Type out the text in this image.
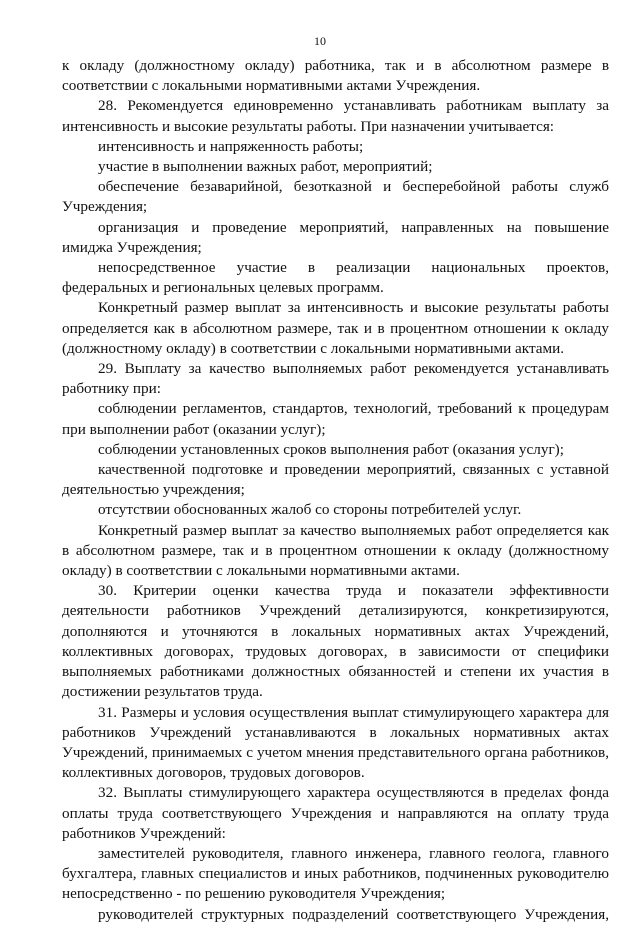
10

к окладу (должностному окладу) работника, так и в абсолютном размере в соответствии с локальными нормативными актами Учреждения.

28. Рекомендуется единовременно устанавливать работникам выплату за интенсивность и высокие результаты работы. При назначении учитывается:

интенсивность и напряженность работы;

участие в выполнении важных работ, мероприятий;

обеспечение безаварийной, безотказной и бесперебойной работы служб Учреждения;

организация и проведение мероприятий, направленных на повышение имиджа Учреждения;

непосредственное участие в реализации национальных проектов, федеральных и региональных целевых программ.

Конкретный размер выплат за интенсивность и высокие результаты работы определяется как в абсолютном размере, так и в процентном отношении к окладу (должностному окладу) в соответствии с локальными нормативными актами.

29. Выплату за качество выполняемых работ рекомендуется устанавливать работнику при:

соблюдении регламентов, стандартов, технологий, требований к процедурам при выполнении работ (оказании услуг);

соблюдении установленных сроков выполнения работ (оказания услуг);

качественной подготовке и проведении мероприятий, связанных с уставной деятельностью учреждения;

отсутствии обоснованных жалоб со стороны потребителей услуг.

Конкретный размер выплат за качество выполняемых работ определяется как в абсолютном размере, так и в процентном отношении к окладу (должностному окладу) в соответствии с локальными нормативными актами.

30. Критерии оценки качества труда и показатели эффективности деятельности работников Учреждений детализируются, конкретизируются, дополняются и уточняются в локальных нормативных актах Учреждений, коллективных договорах, трудовых договорах, в зависимости от специфики выполняемых работниками должностных обязанностей и степени их участия в достижении результатов труда.

31. Размеры и условия осуществления выплат стимулирующего характера для работников Учреждений устанавливаются в локальных нормативных актах Учреждений, принимаемых с учетом мнения представительного органа работников, коллективных договоров, трудовых договоров.

32. Выплаты стимулирующего характера осуществляются в пределах фонда оплаты труда соответствующего Учреждения и направляются на оплату труда работников Учреждений:

заместителей руководителя, главного инженера, главного геолога, главного бухгалтера, главных специалистов и иных работников, подчиненных руководителю непосредственно - по решению руководителя Учреждения;

руководителей структурных подразделений соответствующего Учреждения,
